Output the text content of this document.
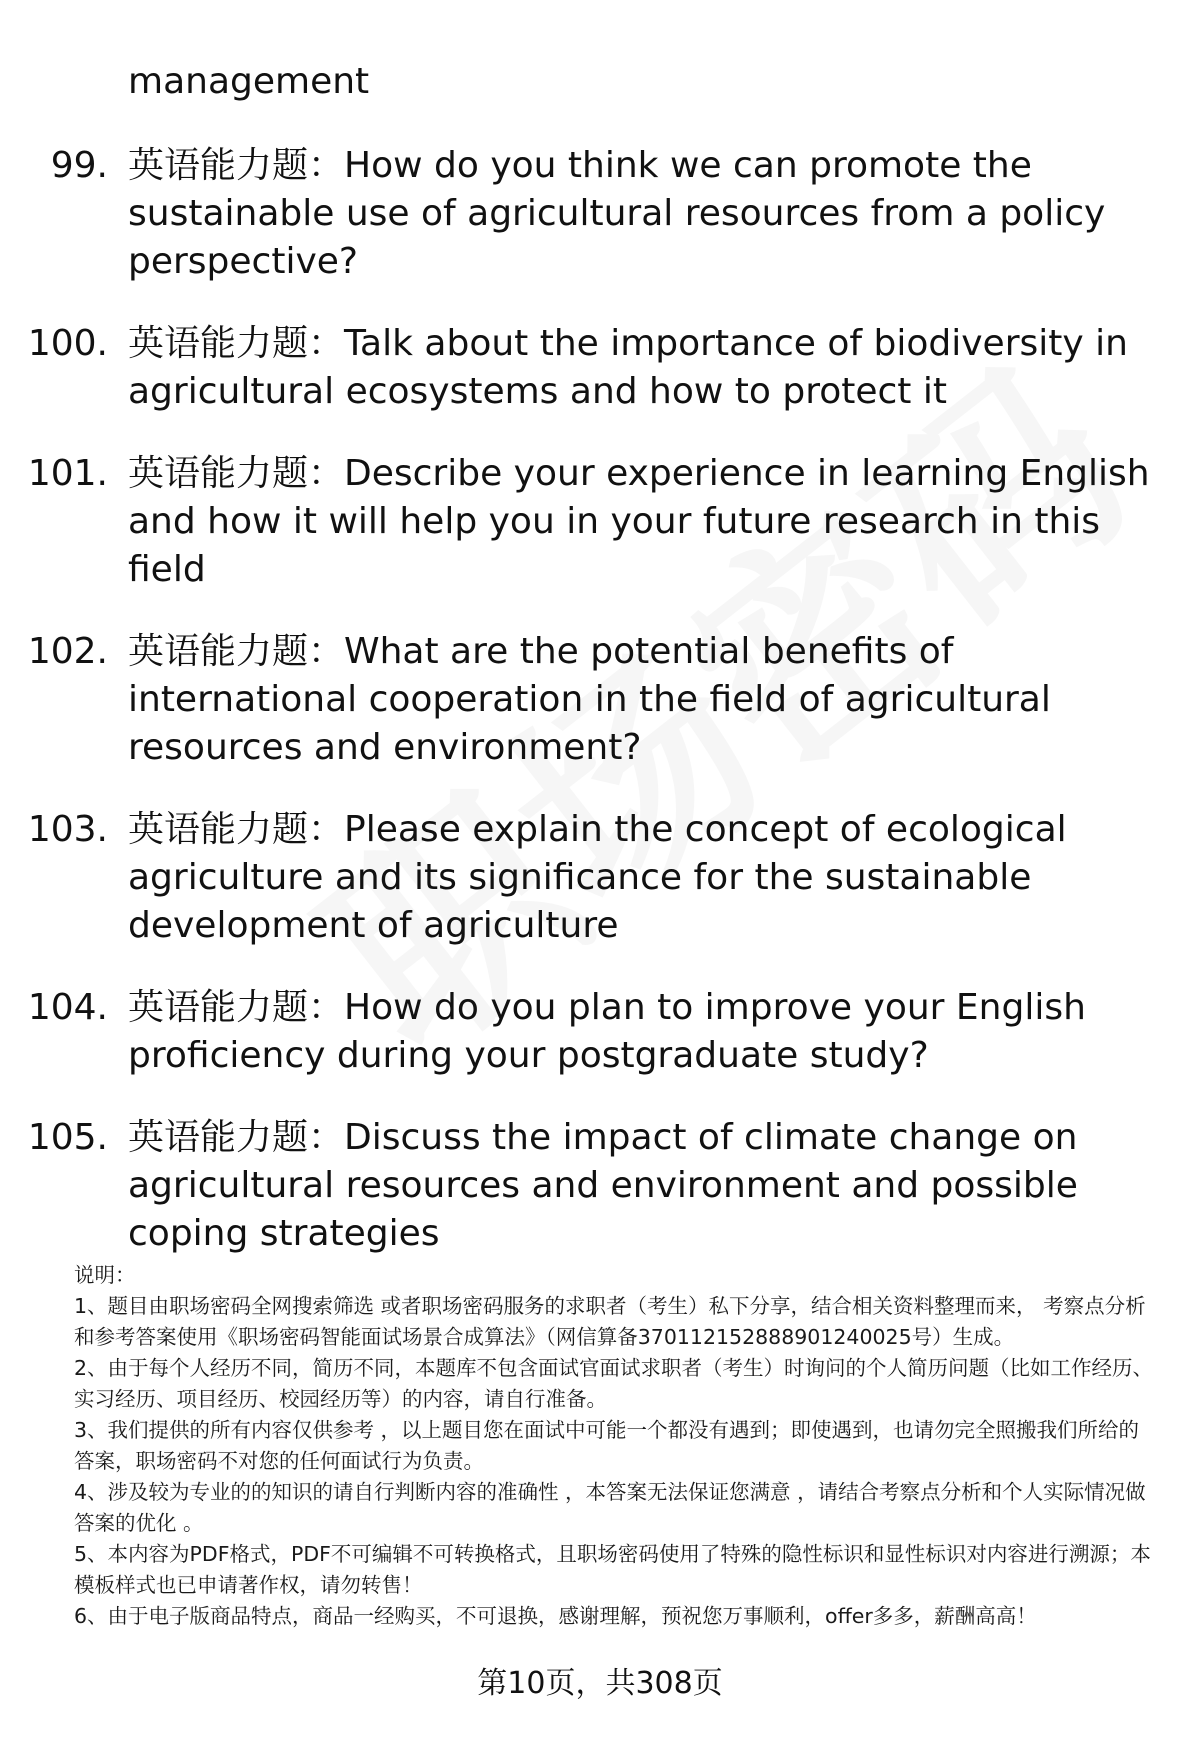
management

99. 英语能力题：How do you think we can promote the sustainable use of agricultural resources from a policy perspective?
100. 英语能力题：Talk about the importance of biodiversity in agricultural ecosystems and how to protect it
101. 英语能力题：Describe your experience in learning English and how it will help you in your future research in this field
102. 英语能力题：What are the potential benefits of international cooperation in the field of agricultural resources and environment?
103. 英语能力题：Please explain the concept of ecological agriculture and its significance for the sustainable development of agriculture
104. 英语能力题：How do you plan to improve your English proficiency during your postgraduate study?
105. 英语能力题：Discuss the impact of climate change on agricultural resources and environment and possible coping strategies

说明：

1、题目由职场密码全网搜索筛选 或者职场密码服务的求职者（考生）私下分享，结合相关资料整理而来， 考察点分析和参考答案使用《职场密码智能面试场景合成算法》（网信算备370112152888901240025号）生成。

2、由于每个人经历不同，简历不同，本题库不包含面试官面试求职者（考生）时询问的个人简历问题（比如工作经历、实习经历、项目经历、校园经历等）的内容，请自行准备。

3、我们提供的所有内容仅供参考 ，以上题目您在面试中可能一个都没有遇到；即使遇到，也请勿完全照搬我们所给的答案，职场密码不对您的任何面试行为负责。

4、涉及较为专业的的知识的请自行判断内容的准确性 ，本答案无法保证您满意 ，请结合考察点分析和个人实际情况做答案的优化 。

5、本内容为PDF格式，PDF不可编辑不可转换格式，且职场密码使用了特殊的隐性标识和显性标识对内容进行溯源；本模板样式也已申请著作权，请勿转售！

6、由于电子版商品特点，商品一经购买，不可退换，感谢理解，预祝您万事顺利，offer多多，薪酬高高！

第10页，共308页
